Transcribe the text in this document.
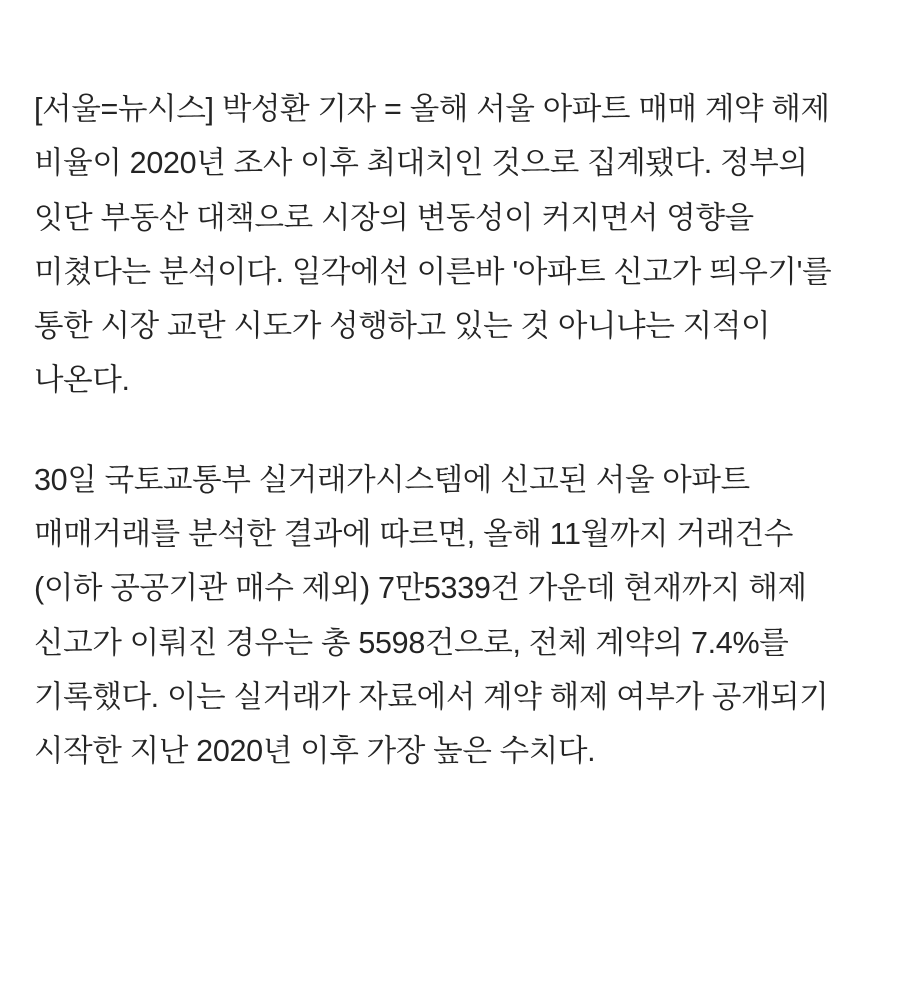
[서울=뉴시스] 박성환 기자 = 올해 서울 아파트 매매 계약 해제 비율이 2020년 조사 이후 최대치인 것으로 집계됐다. 정부의 잇단 부동산 대책으로 시장의 변동성이 커지면서 영향을 미쳤다는 분석이다. 일각에선 이른바 '아파트 신고가 띄우기'를 통한 시장 교란 시도가 성행하고 있는 것 아니냐는 지적이 나온다.

30일 국토교통부 실거래가시스템에 신고된 서울 아파트 매매거래를 분석한 결과에 따르면, 올해 11월까지 거래건수(이하 공공기관 매수 제외) 7만5339건 가운데 현재까지 해제 신고가 이뤄진 경우는 총 5598건으로, 전체 계약의 7.4%를 기록했다. 이는 실거래가 자료에서 계약 해제 여부가 공개되기 시작한 지난 2020년 이후 가장 높은 수치다.
